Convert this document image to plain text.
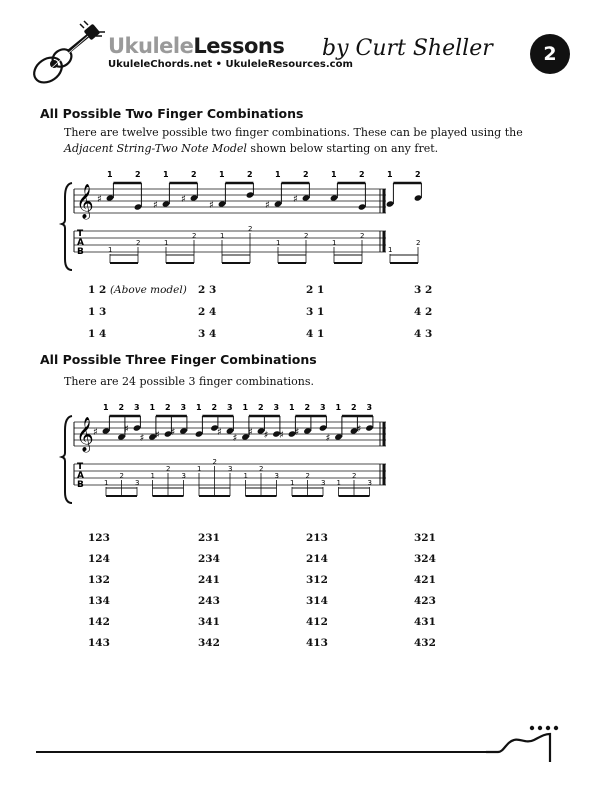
UkuleleLessons by Curt Sheller
UkuleleChords.net • UkuleleResources.com	2
All Possible Two Finger Combinations
There are twelve possible two finger combinations. These can be played using the Adjacent String-Two Note Model shown below starting on any fret.
𝄞
T
A
B
1
♯
1
2
2
1
♯
1
2
♯
2
1
♯
1
2
2
1
♯
1
2
♯
2
1
1
2
2
1
1
2
2
1 2 (Above model) 2 3	2 1	3 2
1 3	2 4	3 1	4 2
1 4	3 4	4 1	4 3
All Possible Three Finger Combinations
There are 24 possible 3 finger combinations.
𝄞
T
A
B
1
♯
1
2
2
3
♯
3
1
♯
1
2
♯
2
3
♯
3
1
1
2
2
3
♯
3
1
♯
1
2
♯
2
3
♯
3
1
♯
1
2
♯
2
3
3
1
♯
1
2
2
3
♯
3
123	231	213	321
124	234	214	324
132	241	312	421
134	243	314	423
142	341	412	431
143	342	413	432
